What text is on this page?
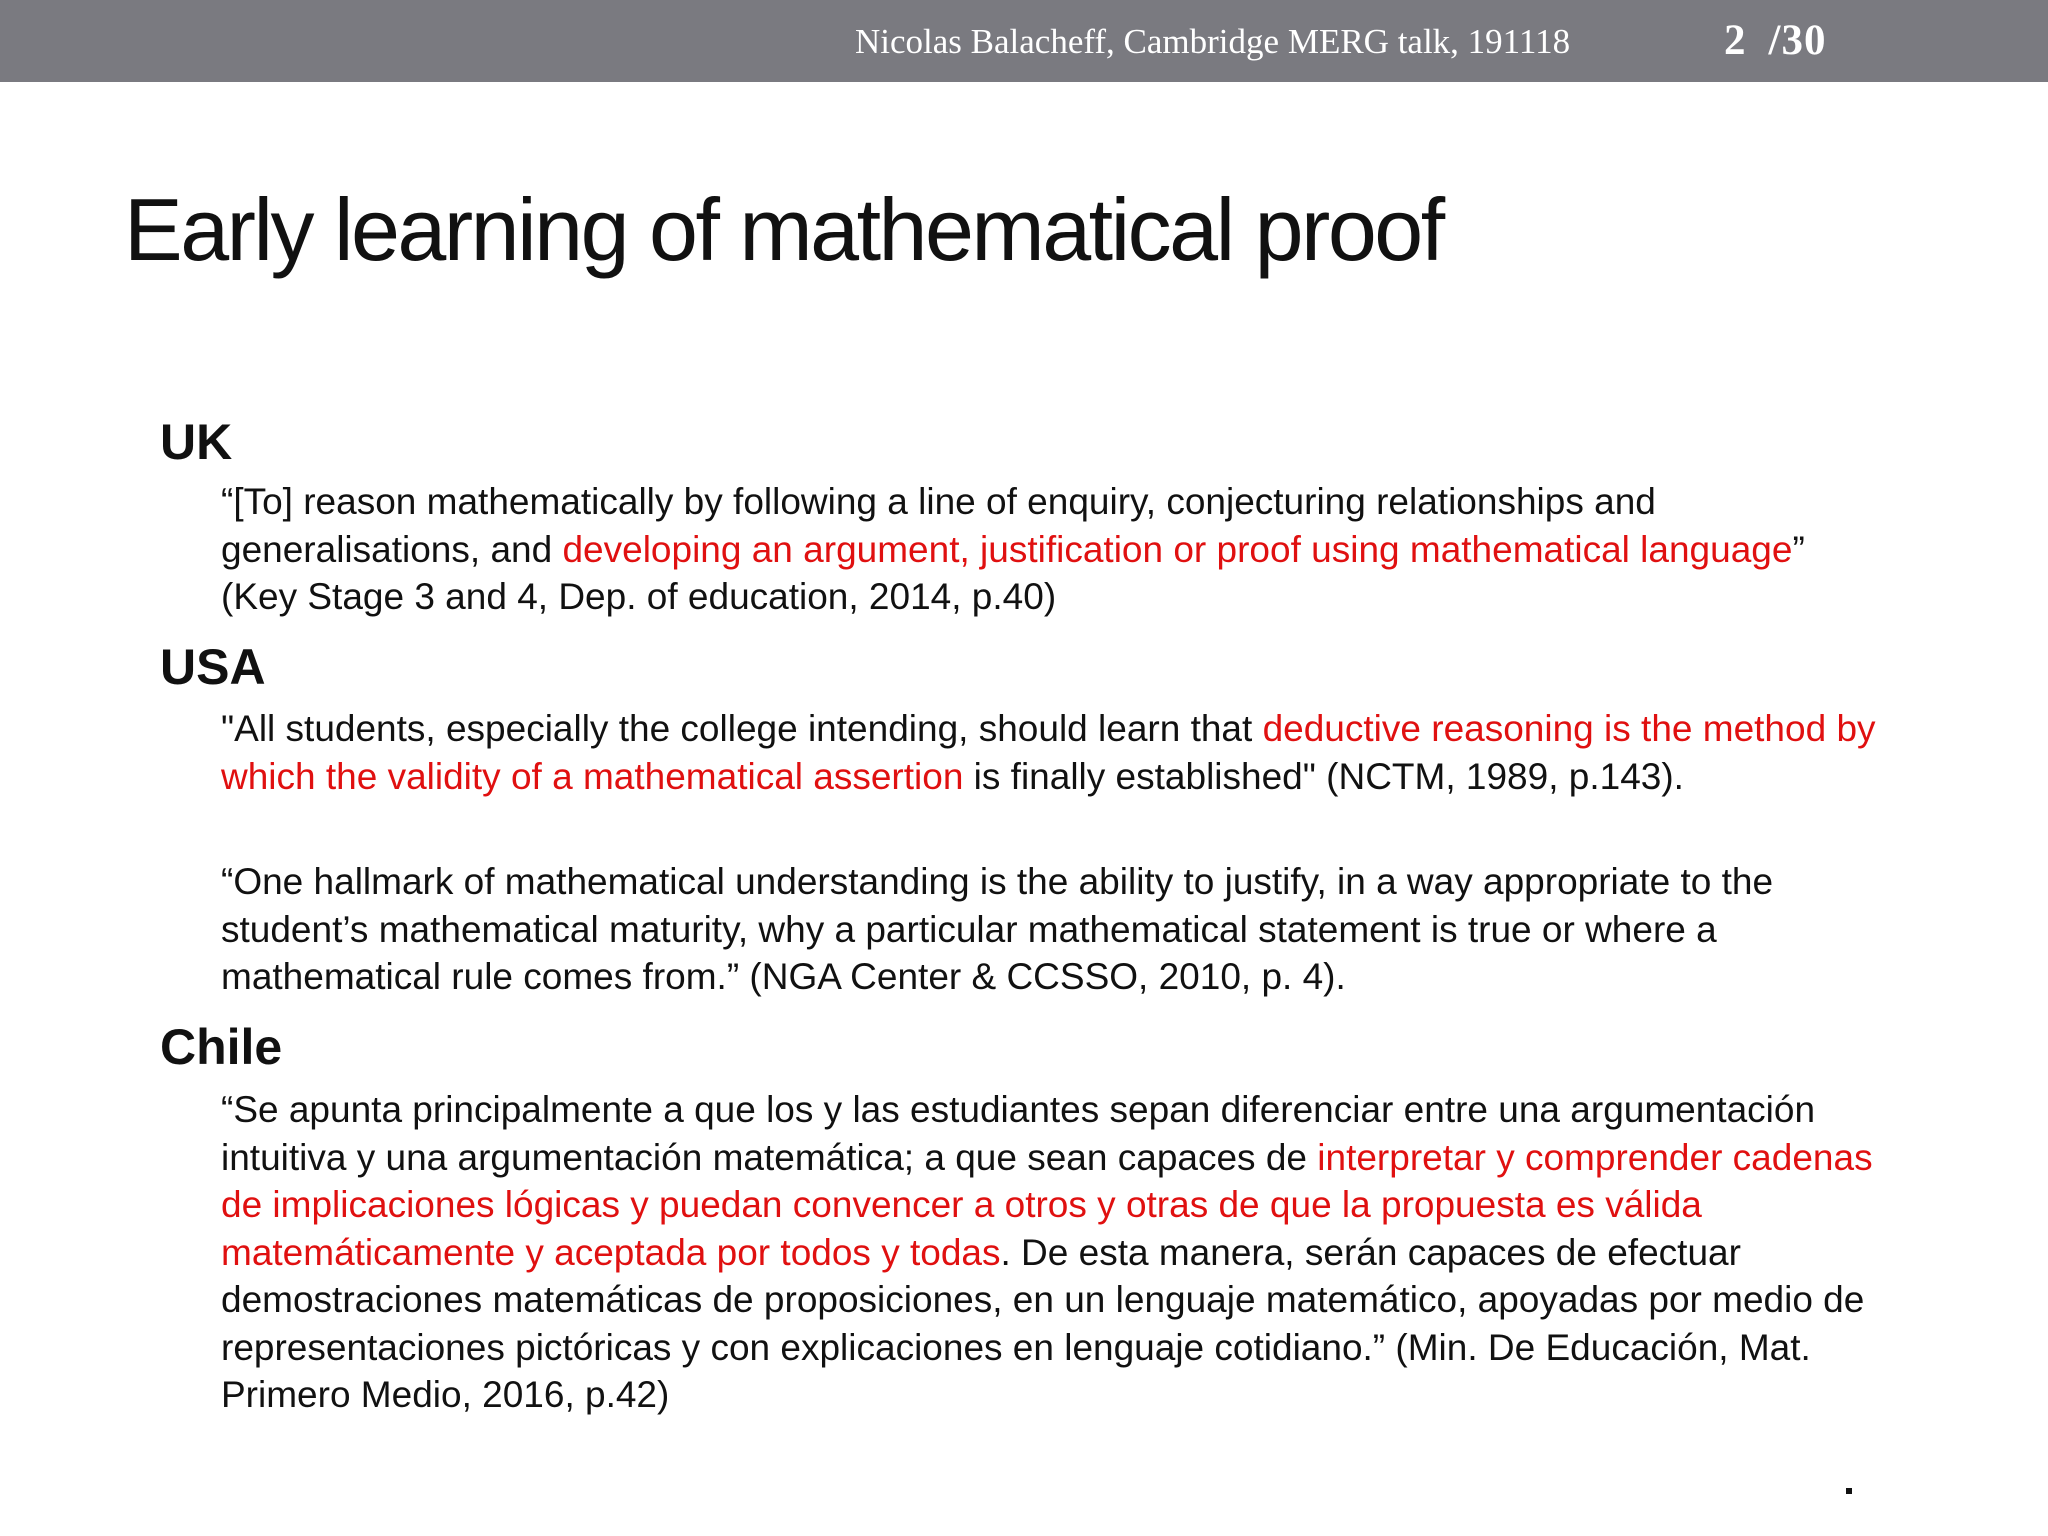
Nicolas Balacheff, Cambridge MERG talk, 191118	2 /30
Early learning of mathematical proof
UK

“[To] reason mathematically by following a line of enquiry, conjecturing relationships and generalisations, and developing an argument, justification or proof using mathematical language” (Key Stage 3 and 4, Dep. of education, 2014, p.40)

USA

"All students, especially the college intending, should learn that deductive reasoning is the method by which the validity of a mathematical assertion is finally established" (NCTM, 1989, p.143).

“One hallmark of mathematical understanding is the ability to justify, in a way appropriate to the student’s mathematical maturity, why a particular mathematical statement is true or where a mathematical rule comes from.” (NGA Center & CCSSO, 2010, p. 4).

Chile

“Se apunta principalmente a que los y las estudiantes sepan diferenciar entre una argumentación intuitiva y una argumentación matemática; a que sean capaces de interpretar y comprender cadenas de implicaciones lógicas y puedan convencer a otros y otras de que la propuesta es válida matemáticamente y aceptada por todos y todas. De esta manera, serán capaces de efectuar demostraciones matemáticas de proposiciones, en un lenguaje matemático, apoyadas por medio de representaciones pictóricas y con explicaciones en lenguaje cotidiano.” (Min. De Educación, Mat. Primero Medio, 2016, p.42)
